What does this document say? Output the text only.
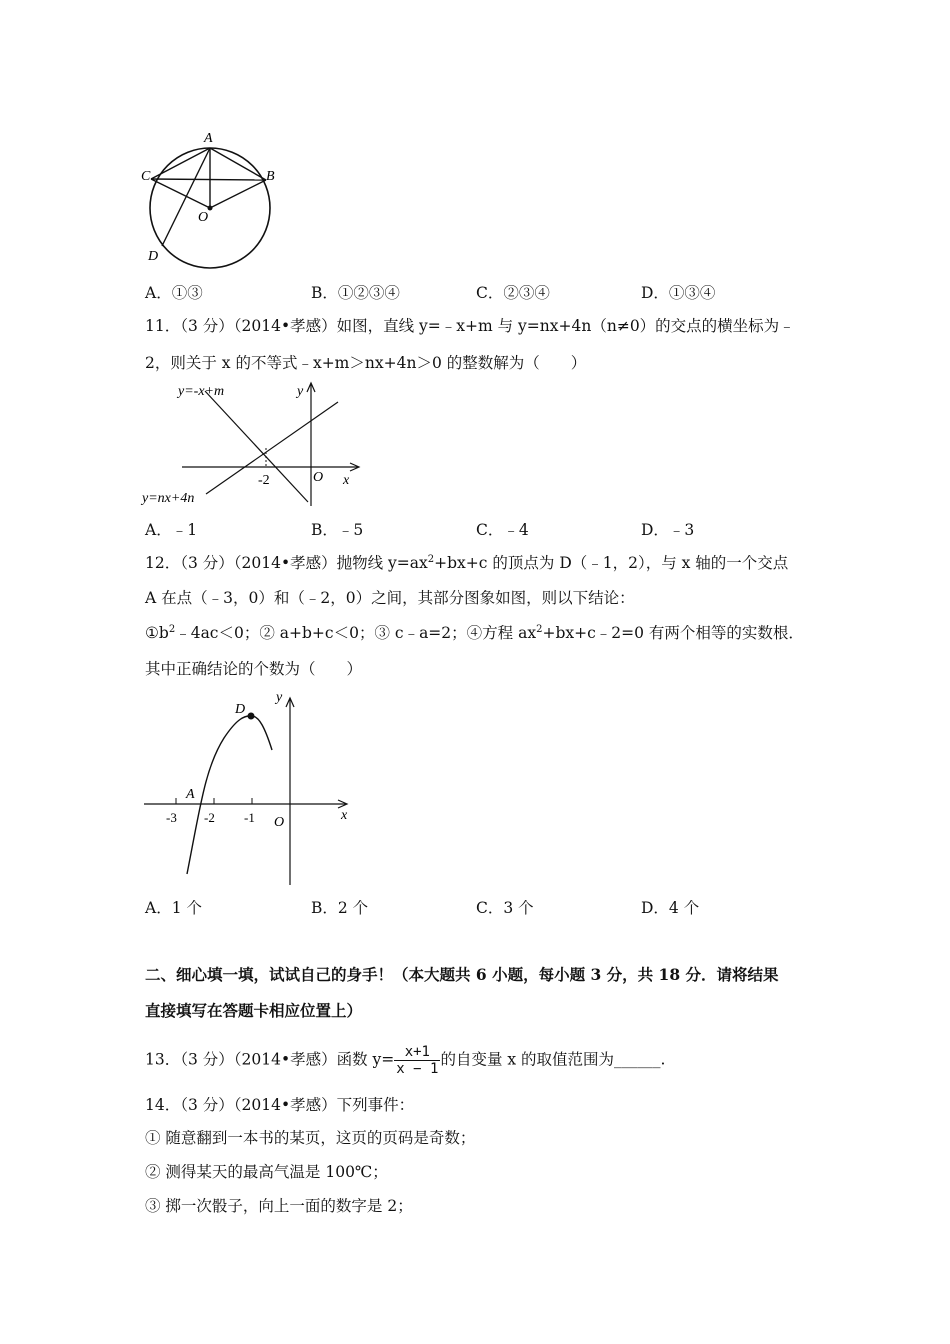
A
B
C
D
O
A．①③	B．①②③④	C．②③④	D．①③④
11．（3 分）（2014•孝感）如图，直线 y=﹣x+m 与 y=nx+4n（n≠0）的交点的横坐标为﹣
2，则关于 x 的不等式﹣x+m＞nx+4n＞0 的整数解为（　　）
y=-x+m
y=nx+4n
-2	O x
y
A．﹣1	B．﹣5	C．﹣4	D．﹣3
12．（3 分）（2014•孝感）抛物线 $y=ax^2+bx+c$ 的顶点为 D（﹣1，2），与 x 轴的一个交点
A 在点（﹣3，0）和（﹣2，0）之间，其部分图象如图，则以下结论：
$①b^2﹣4ac<0$；② a+b+c＜0；③ c﹣a=2；④方程 $ax^2+bx+c﹣2=0$ 有两个相等的实数根．
其中正确结论的个数为（　　）
D
A
-3 -2 -1 O	x
y
A．1 个	B．2 个	C．3 个	D．4 个
二、细心填一填，试试自己的身手！（本大题共 6 小题，每小题 3 分，共 18 分．请将结果
直接填写在答题卡相应位置上）
13．（3 分）（2014•孝感）函数 $y= \frac{x+1}{x - 1}$ 的自变量 x 的取值范围为______.
14．（3 分）（2014•孝感）下列事件：
① 随意翻到一本书的某页，这页的页码是奇数；
② 测得某天的最高气温是 100℃；
③ 掷一次骰子，向上一面的数字是 2；
